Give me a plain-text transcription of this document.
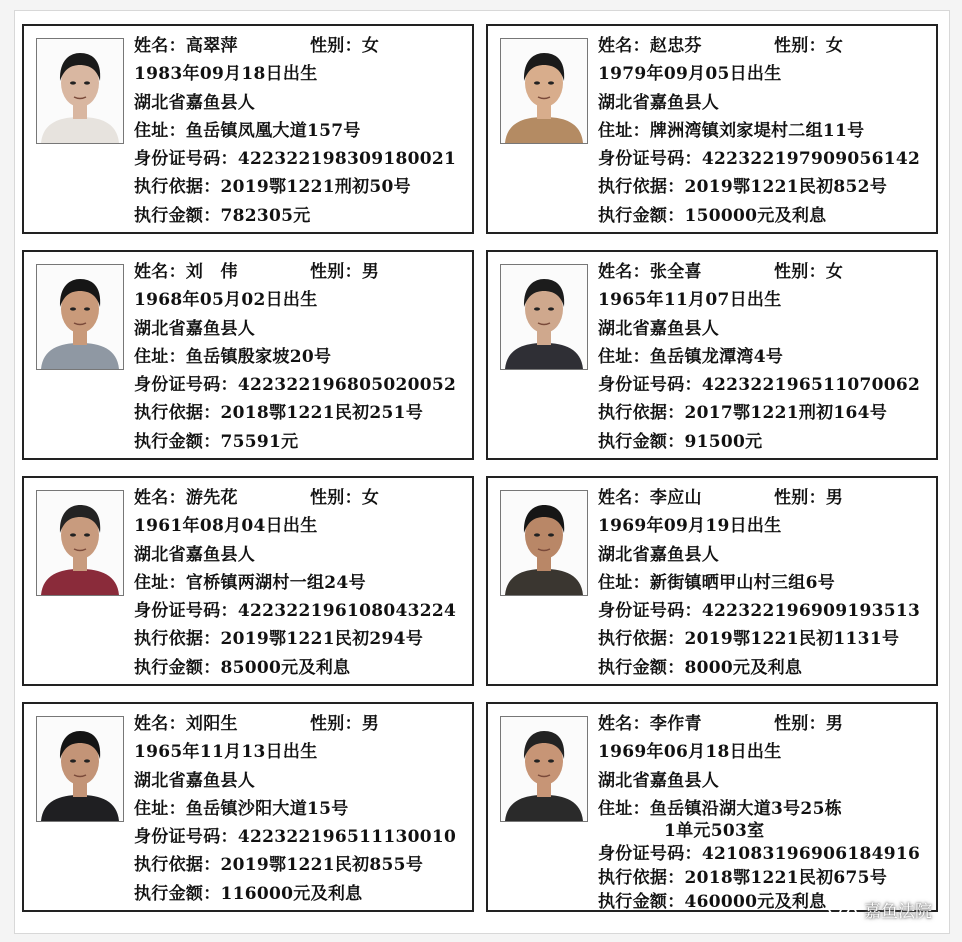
姓名：高翠萍	性别：女
1983年09月18日出生
湖北省嘉鱼县人
住址：鱼岳镇凤凰大道157号
身份证号码：422322198309180021
执行依据：2019鄂1221刑初50号
执行金额：782305元
姓名：赵忠芬	性别：女
1979年09月05日出生
湖北省嘉鱼县人
住址：牌洲湾镇刘家堤村二组11号
身份证号码：422322197909056142
执行依据：2019鄂1221民初852号
执行金额：150000元及利息
姓名：刘　伟	性别：男
1968年05月02日出生
湖北省嘉鱼县人
住址：鱼岳镇殷家坡20号
身份证号码：422322196805020052
执行依据：2018鄂1221民初251号
执行金额：75591元
姓名：张全喜	性别：女
1965年11月07日出生
湖北省嘉鱼县人
住址：鱼岳镇龙潭湾4号
身份证号码：422322196511070062
执行依据：2017鄂1221刑初164号
执行金额：91500元
姓名：游先花	性别：女
1961年08月04日出生
湖北省嘉鱼县人
住址：官桥镇两湖村一组24号
身份证号码：422322196108043224
执行依据：2019鄂1221民初294号
执行金额：85000元及利息
姓名：李应山	性别：男
1969年09月19日出生
湖北省嘉鱼县人
住址：新街镇晒甲山村三组6号
身份证号码：422322196909193513
执行依据：2019鄂1221民初1131号
执行金额：8000元及利息
姓名：刘阳生	性别：男
1965年11月13日出生
湖北省嘉鱼县人
住址：鱼岳镇沙阳大道15号
身份证号码：422322196511130010
执行依据：2019鄂1221民初855号
执行金额：116000元及利息
姓名：李作青	性别：男
1969年06月18日出生
湖北省嘉鱼县人
住址：鱼岳镇沿湖大道3号25栋
1单元503室
身份证号码：421083196906184916
执行依据：2018鄂1221民初675号
执行金额：460000元及利息	嘉鱼法院
